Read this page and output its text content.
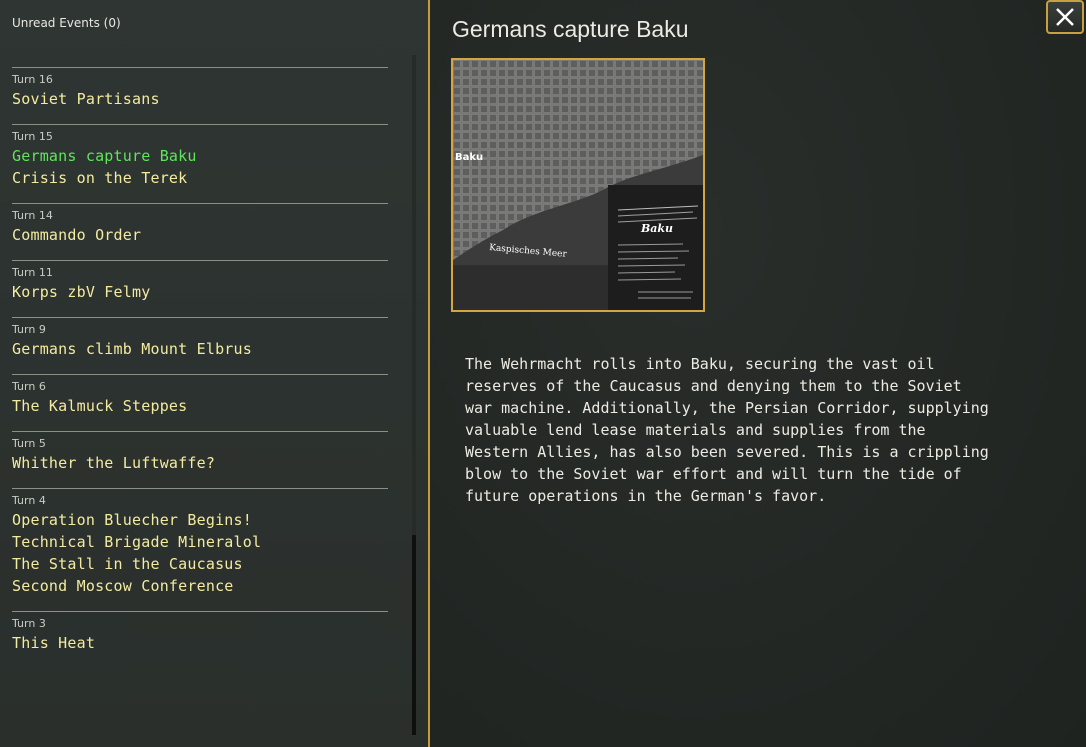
Unread Events (0)
Turn 16
Soviet Partisans
Turn 15
Germans capture Baku
Crisis on the Terek
Turn 14
Commando Order
Turn 11
Korps zbV Felmy
Turn 9
Germans climb Mount Elbrus
Turn 6
The Kalmuck Steppes
Turn 5
Whither the Luftwaffe?
Turn 4
Operation Bluecher Begins!
Technical Brigade Mineralol
The Stall in the Caucasus
Second Moscow Conference
Turn 3
This Heat
Germans capture Baku
Baku
Kaspisches Meer
Baku
The Wehrmacht rolls into Baku, securing the vast oil
reserves of the Caucasus and denying them to the Soviet
war machine. Additionally, the Persian Corridor, supplying
valuable lend lease materials and supplies from the
Western Allies, has also been severed. This is a crippling
blow to the Soviet war effort and will turn the tide of
future operations in the German's favor.
